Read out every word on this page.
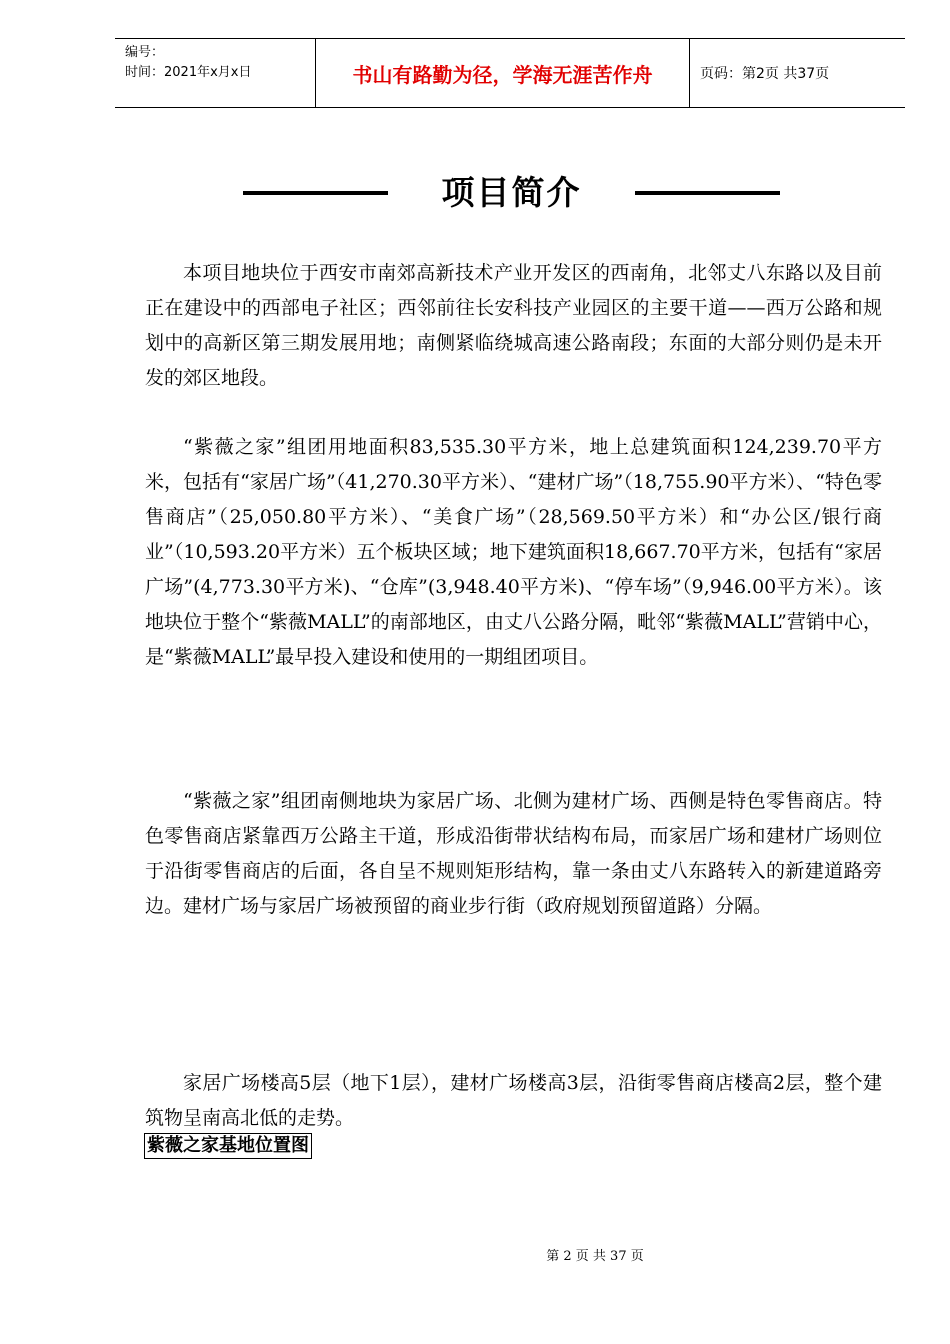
编号：
时间：2021年x月x日	书山有路勤为径，学海无涯苦作舟	页码：第2页 共37页
项目简介

本项目地块位于西安市南郊高新技术产业开发区的西南角，北邻丈八东路以及目前正在建设中的西部电子社区；西邻前往长安科技产业园区的主要干道——西万公路和规划中的高新区第三期发展用地；南侧紧临绕城高速公路南段；东面的大部分则仍是未开发的郊区地段。

“紫薇之家”组团用地面积83,535.30平方米，地上总建筑面积124,239.70平方米，包括有“家居广场”（41,270.30平方米）、“建材广场”（18,755.90平方米）、“特色零售商店”（25,050.80平方米）、“美食广场”（28,569.50平方米）和“办公区/银行商业”（10,593.20平方米）五个板块区域；地下建筑面积18,667.70平方米，包括有“家居广场”(4,773.30平方米)、“仓库”(3,948.40平方米)、“停车场”（9,946.00平方米）。该地块位于整个“紫薇MALL”的南部地区，由丈八公路分隔，毗邻“紫薇MALL”营销中心，是“紫薇MALL”最早投入建设和使用的一期组团项目。

“紫薇之家”组团南侧地块为家居广场、北侧为建材广场、西侧是特色零售商店。特色零售商店紧靠西万公路主干道，形成沿街带状结构布局，而家居广场和建材广场则位于沿街零售商店的后面，各自呈不规则矩形结构，靠一条由丈八东路转入的新建道路旁边。建材广场与家居广场被预留的商业步行街（政府规划预留道路）分隔。

家居广场楼高5层（地下1层），建材广场楼高3层，沿街零售商店楼高2层，整个建筑物呈南高北低的走势。

紫薇之家基地位置图
第 2 页 共 37 页
